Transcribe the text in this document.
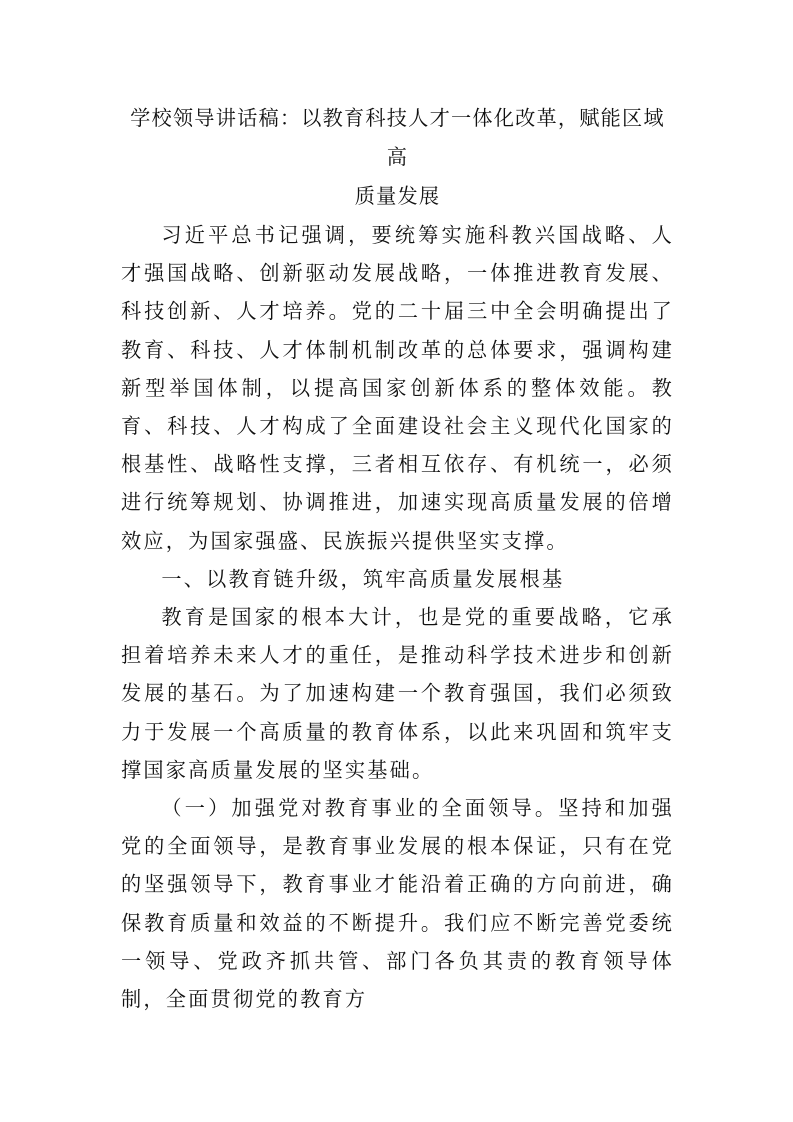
学校领导讲话稿：以教育科技人才一体化改革，赋能区域高
质量发展

习近平总书记强调，要统筹实施科教兴国战略、人才强国战略、创新驱动发展战略，一体推进教育发展、科技创新、人才培养。党的二十届三中全会明确提出了教育、科技、人才体制机制改革的总体要求，强调构建新型举国体制，以提高国家创新体系的整体效能。教育、科技、人才构成了全面建设社会主义现代化国家的根基性、战略性支撑，三者相互依存、有机统一，必须进行统筹规划、协调推进，加速实现高质量发展的倍增效应，为国家强盛、民族振兴提供坚实支撑。

一、以教育链升级，筑牢高质量发展根基

教育是国家的根本大计，也是党的重要战略，它承担着培养未来人才的重任，是推动科学技术进步和创新发展的基石。为了加速构建一个教育强国，我们必须致力于发展一个高质量的教育体系，以此来巩固和筑牢支撑国家高质量发展的坚实基础。

（一）加强党对教育事业的全面领导。坚持和加强党的全面领导，是教育事业发展的根本保证，只有在党的坚强领导下，教育事业才能沿着正确的方向前进，确保教育质量和效益的不断提升。我们应不断完善党委统一领导、党政齐抓共管、部门各负其责的教育领导体制，全面贯彻党的教育方
